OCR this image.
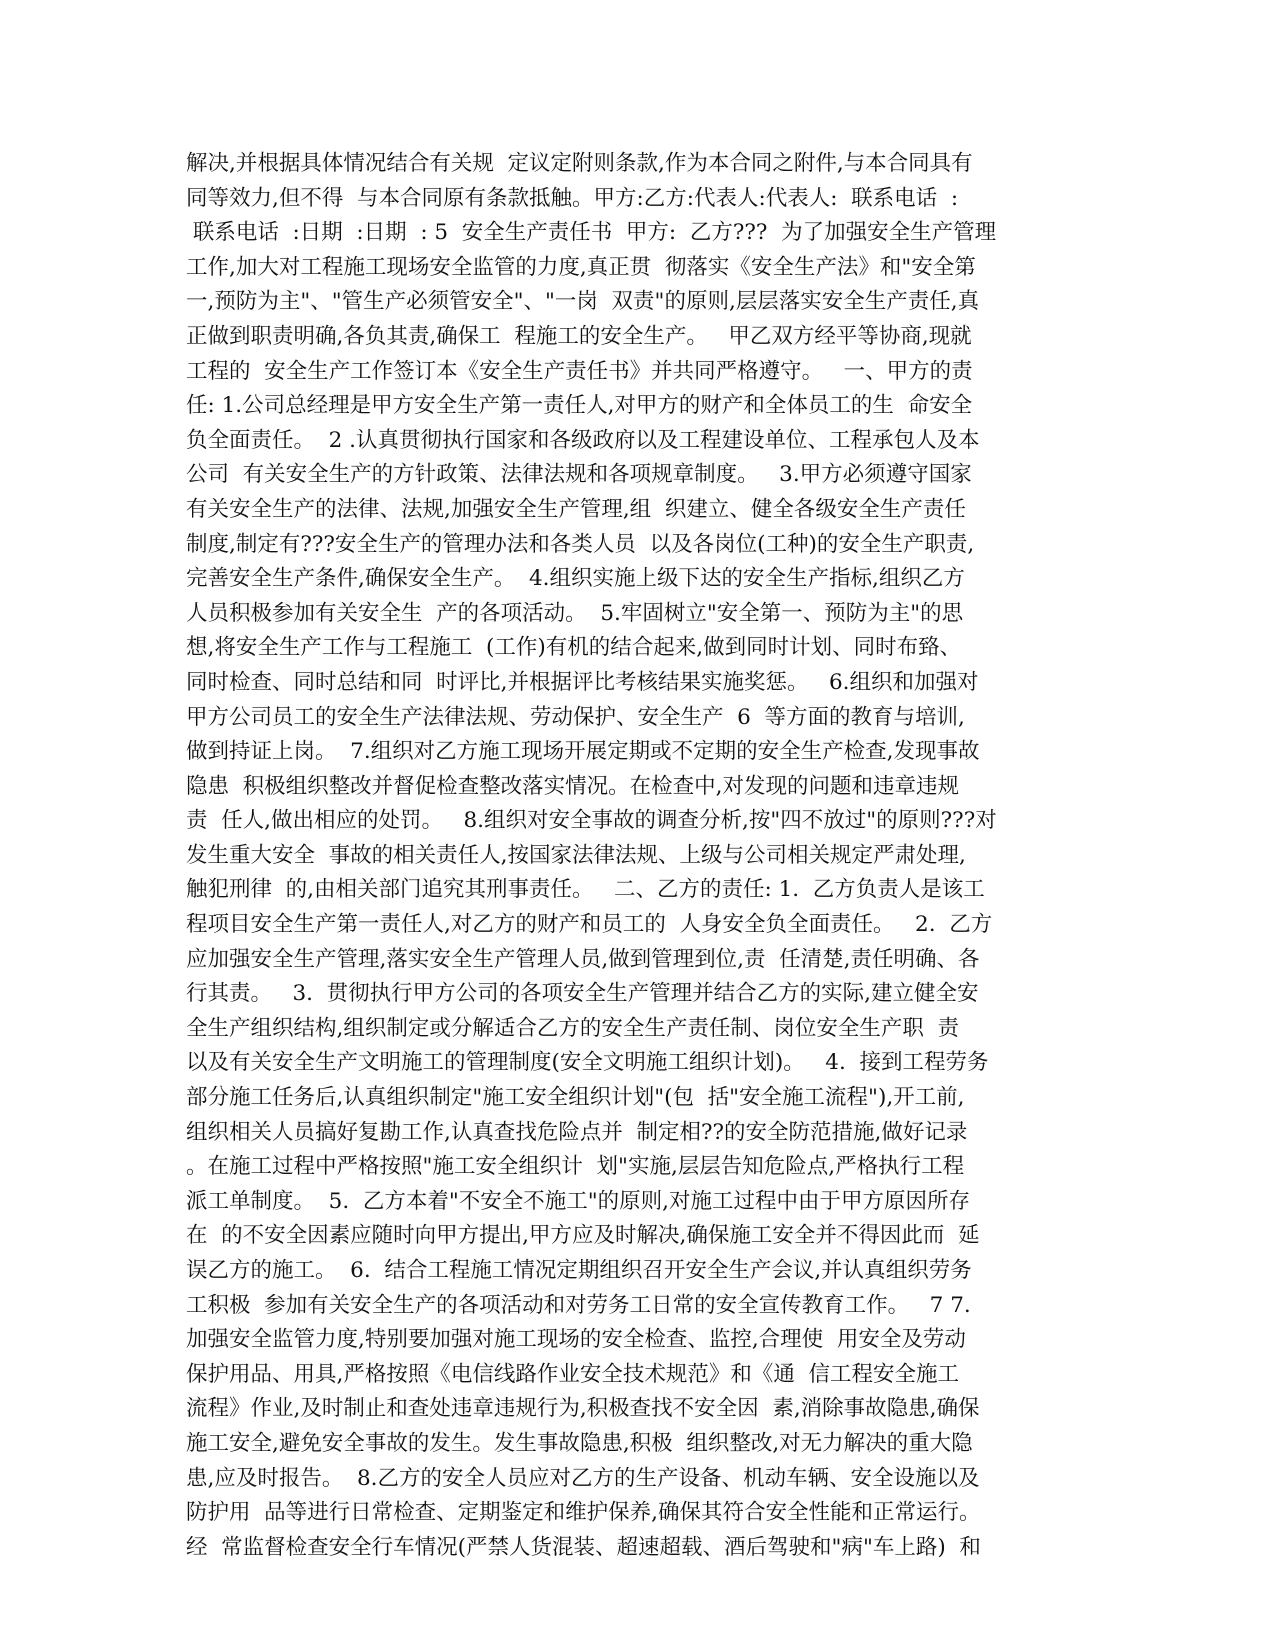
解决,并根据具体情况结合有关规  定议定附则条款,作为本合同之附件,与本合同具有
同等效力,但不得  与本合同原有条款抵触。甲方:乙方:代表人:代表人:  联系电话  :
联系电话  :日期  :日期  : 5  安全生产责任书  甲方:  乙方???  为了加强安全生产管理
工作,加大对工程施工现场安全监管的力度,真正贯  彻落实《安全生产法》和"安全第
一,预防为主"、"管生产必须管安全"、"一岗  双责"的原则,层层落实安全生产责任,真
正做到职责明确,各负其责,确保工  程施工的安全生产。   甲乙双方经平等协商,现就
工程的  安全生产工作签订本《安全生产责任书》并共同严格遵守。   一、甲方的责
任: 1.公司总经理是甲方安全生产第一责任人,对甲方的财产和全体员工的生  命安全
负全面责任。  2 .认真贯彻执行国家和各级政府以及工程建设单位、工程承包人及本
公司  有关安全生产的方针政策、法律法规和各项规章制度。   3.甲方必须遵守国家
有关安全生产的法律、法规,加强安全生产管理,组  织建立、健全各级安全生产责任
制度,制定有???安全生产的管理办法和各类人员  以及各岗位(工种)的安全生产职责,
完善安全生产条件,确保安全生产。  4.组织实施上级下达的安全生产指标,组织乙方
人员积极参加有关安全生  产的各项活动。  5.牢固树立"安全第一、预防为主"的思
想,将安全生产工作与工程施工  (工作)有机的结合起来,做到同时计划、同时布臵、
同时检查、同时总结和同  时评比,并根据评比考核结果实施奖惩。   6.组织和加强对
甲方公司员工的安全生产法律法规、劳动保护、安全生产  6  等方面的教育与培训,
做到持证上岗。  7.组织对乙方施工现场开展定期或不定期的安全生产检查,发现事故
隐患  积极组织整改并督促检查整改落实情况。在检查中,对发现的问题和违章违规
责  任人,做出相应的处罚。   8.组织对安全事故的调查分析,按"四不放过"的原则???对
发生重大安全  事故的相关责任人,按国家法律法规、上级与公司相关规定严肃处理,
触犯刑律  的,由相关部门追究其刑事责任。   二、乙方的责任: 1.  乙方负责人是该工
程项目安全生产第一责任人,对乙方的财产和员工的  人身安全负全面责任。   2.  乙方
应加强安全生产管理,落实安全生产管理人员,做到管理到位,责  任清楚,责任明确、各
行其责。   3.  贯彻执行甲方公司的各项安全生产管理并结合乙方的实际,建立健全安
全生产组织结构,组织制定或分解适合乙方的安全生产责任制、岗位安全生产职  责
以及有关安全生产文明施工的管理制度(安全文明施工组织计划)。   4.  接到工程劳务
部分施工任务后,认真组织制定"施工安全组织计划"(包  括"安全施工流程"),开工前,
组织相关人员搞好复勘工作,认真查找危险点并  制定相??的安全防范措施,做好记录
。在施工过程中严格按照"施工安全组织计  划"实施,层层告知危险点,严格执行工程
派工单制度。  5.  乙方本着"不安全不施工"的原则,对施工过程中由于甲方原因所存
在  的不安全因素应随时向甲方提出,甲方应及时解决,确保施工安全并不得因此而  延
误乙方的施工。  6.  结合工程施工情况定期组织召开安全生产会议,并认真组织劳务
工积极  参加有关安全生产的各项活动和对劳务工日常的安全宣传教育工作。   7 7.
加强安全监管力度,特别要加强对施工现场的安全检查、监控,合理使  用安全及劳动
保护用品、用具,严格按照《电信线路作业安全技术规范》和《通  信工程安全施工
流程》作业,及时制止和查处违章违规行为,积极查找不安全因  素,消除事故隐患,确保
施工安全,避免安全事故的发生。发生事故隐患,积极  组织整改,对无力解决的重大隐
患,应及时报告。  8.乙方的安全人员应对乙方的生产设备、机动车辆、安全设施以及
防护用  品等进行日常检查、定期鉴定和维护保养,确保其符合安全性能和正常运行。
经  常监督检查安全行车情况(严禁人货混装、超速超载、酒后驾驶和"病"车上路)  和
